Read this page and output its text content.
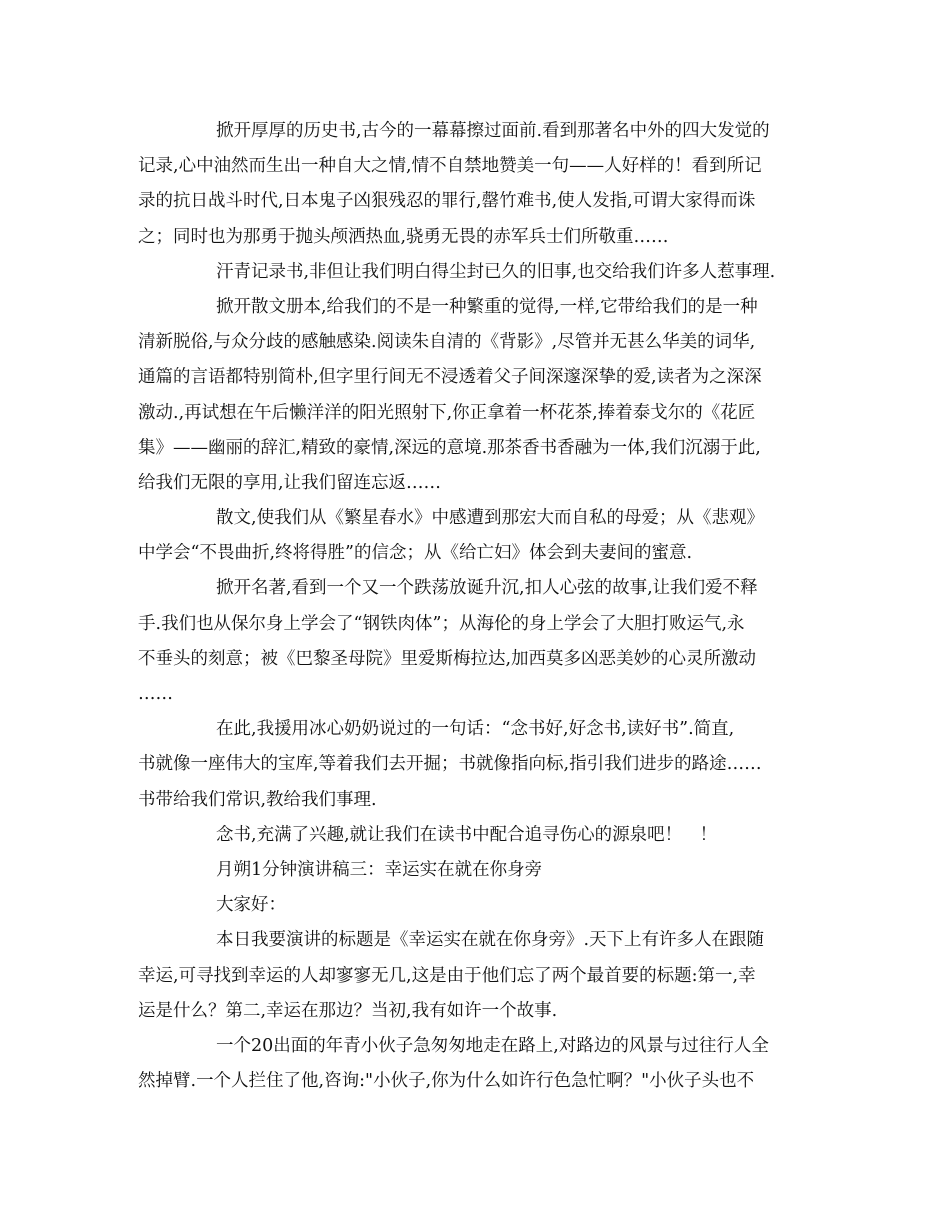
掀开厚厚的历史书,古今的一幕幕擦过面前.看到那著名中外的四大发觉的
记录,心中油然而生出一种自大之情,情不自禁地赞美一句——人好样的！看到所记
录的抗日战斗时代,日本鬼子凶狠残忍的罪行,罄竹难书,使人发指,可谓大家得而诛
之；同时也为那勇于抛头颅洒热血,骁勇无畏的赤军兵士们所敬重……
汗青记录书,非但让我们明白得尘封已久的旧事,也交给我们许多人惹事理.
掀开散文册本,给我们的不是一种繁重的觉得,一样,它带给我们的是一种
清新脱俗,与众分歧的感触感染.阅读朱自清的《背影》,尽管并无甚么华美的词华,
通篇的言语都特别简朴,但字里行间无不浸透着父子间深邃深挚的爱,读者为之深深
激动.,再试想在午后懒洋洋的阳光照射下,你正拿着一杯花茶,捧着泰戈尔的《花匠
集》——幽丽的辞汇,精致的豪情,深远的意境.那茶香书香融为一体,我们沉溺于此,
给我们无限的享用,让我们留连忘返……
散文,使我们从《繁星春水》中感遭到那宏大而自私的母爱；从《悲观》
中学会“不畏曲折,终将得胜”的信念；从《给亡妇》体会到夫妻间的蜜意.
掀开名著,看到一个又一个跌荡放诞升沉,扣人心弦的故事,让我们爱不释
手.我们也从保尔身上学会了“钢铁肉体”；从海伦的身上学会了大胆打败运气,永
不垂头的刻意；被《巴黎圣母院》里爱斯梅拉达,加西莫多凶恶美妙的心灵所激动
……
在此,我援用冰心奶奶说过的一句话：“念书好,好念书,读好书”.简直,
书就像一座伟大的宝库,等着我们去开掘；书就像指向标,指引我们进步的路途……
书带给我们常识,教给我们事理.
念书,充满了兴趣,就让我们在读书中配合追寻伤心的源泉吧！　！
月朔1分钟演讲稿三：幸运实在就在你身旁
大家好：
本日我要演讲的标题是《幸运实在就在你身旁》.天下上有许多人在跟随
幸运,可寻找到幸运的人却寥寥无几,这是由于他们忘了两个最首要的标题:第一,幸
运是什么？第二,幸运在那边？当初,我有如许一个故事.
一个20出面的年青小伙子急匆匆地走在路上,对路边的风景与过往行人全
然掉臂.一个人拦住了他,咨询:"小伙子,你为什么如许行色急忙啊？"小伙子头也不
